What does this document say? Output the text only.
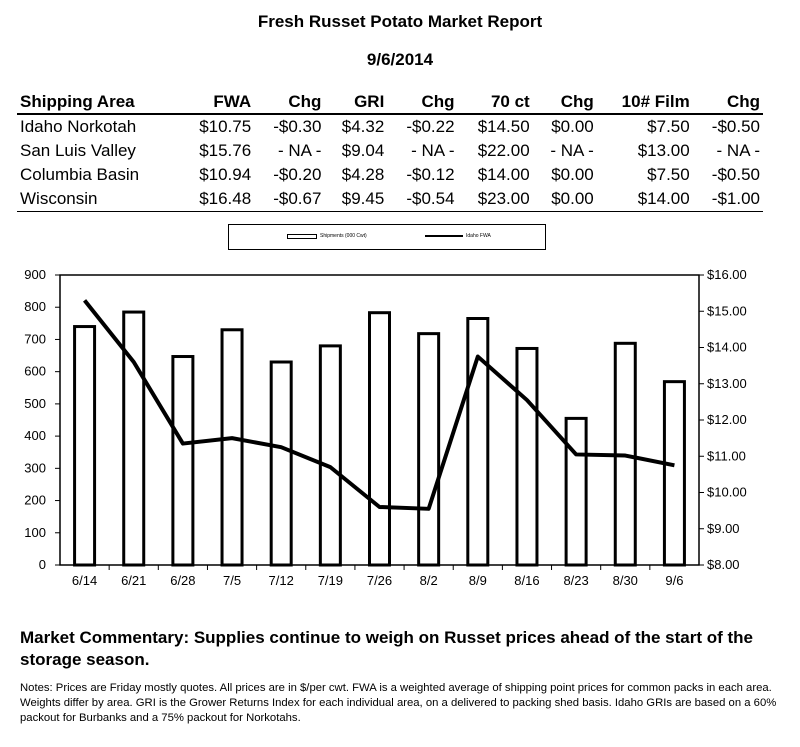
Fresh Russet Potato Market Report
9/6/2014
Shipping Area	FWA	Chg	GRI	Chg	70 ct	Chg	10# Film	Chg
Idaho Norkotah	$10.75	-$0.30	$4.32	-$0.22	$14.50	$0.00	$7.50	-$0.50
San Luis Valley	$15.76	- NA -	$9.04	- NA -	$22.00	- NA -	$13.00	- NA -
Columbia Basin	$10.94	-$0.20	$4.28	-$0.12	$14.00	$0.00	$7.50	-$0.50
Wisconsin	$16.48	-$0.67	$9.45	-$0.54	$23.00	$0.00	$14.00	-$1.00
Shipments (000 Cwt)	Idaho FWA
0
100
200
300
400
500
600
700
800
900
$8.00
$9.00
$10.00
$11.00
$12.00
$13.00
$14.00
$15.00
$16.00
6/14 6/21 6/28 7/5 7/12 7/19 7/26 8/2 8/9 8/16 8/23 8/30 9/6
Market Commentary: Supplies continue to weigh on Russet prices ahead of the start of the storage season.
Notes: Prices are Friday mostly quotes. All prices are in $/per cwt. FWA is a weighted average of shipping point prices for common packs in each area. Weights differ by area. GRI is the Grower Returns Index for each individual area, on a delivered to packing shed basis. Idaho GRIs are based on a 60% packout for Burbanks and a 75% packout for Norkotahs.
